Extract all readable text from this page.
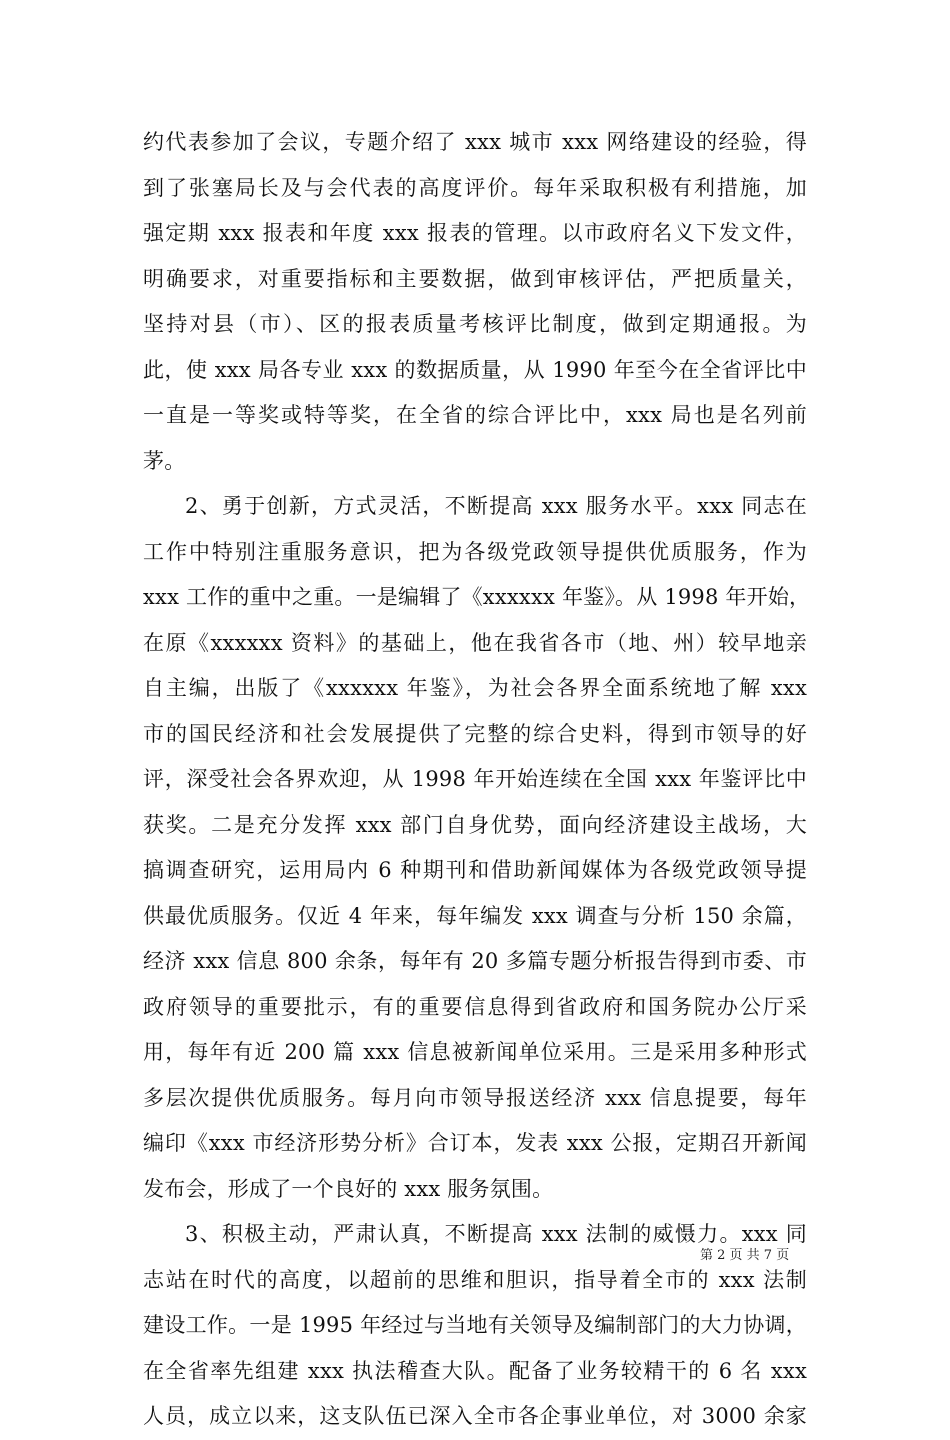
约代表参加了会议，专题介绍了 xxx 城市 xxx 网络建设的经验，得
到了张塞局长及与会代表的高度评价。每年采取积极有利措施，加
强定期 xxx 报表和年度 xxx 报表的管理。以市政府名义下发文件，
明确要求，对重要指标和主要数据，做到审核评估，严把质量关，
坚持对县（市）、区的报表质量考核评比制度，做到定期通报。为
此，使 xxx 局各专业 xxx 的数据质量，从 1990 年至今在全省评比中
一直是一等奖或特等奖，在全省的综合评比中，xxx 局也是名列前
茅。
2、勇于创新，方式灵活，不断提高 xxx 服务水平。xxx 同志在
工作中特别注重服务意识，把为各级党政领导提供优质服务，作为
xxx 工作的重中之重。一是编辑了《xxxxxx 年鉴》。从 1998 年开始，
在原《xxxxxx 资料》的基础上，他在我省各市（地、州）较早地亲
自主编，出版了《xxxxxx 年鉴》，为社会各界全面系统地了解 xxx
市的国民经济和社会发展提供了完整的综合史料，得到市领导的好
评，深受社会各界欢迎，从 1998 年开始连续在全国 xxx 年鉴评比中
获奖。二是充分发挥 xxx 部门自身优势，面向经济建设主战场，大
搞调查研究，运用局内 6 种期刊和借助新闻媒体为各级党政领导提
供最优质服务。仅近 4 年来，每年编发 xxx 调查与分析 150 余篇，
经济 xxx 信息 800 余条，每年有 20 多篇专题分析报告得到市委、市
政府领导的重要批示，有的重要信息得到省政府和国务院办公厅采
用，每年有近 200 篇 xxx 信息被新闻单位采用。三是采用多种形式
多层次提供优质服务。每月向市领导报送经济 xxx 信息提要，每年
编印《xxx 市经济形势分析》合订本，发表 xxx 公报，定期召开新闻
发布会，形成了一个良好的 xxx 服务氛围。
3、积极主动，严肃认真，不断提高 xxx 法制的威慑力。xxx 同
志站在时代的高度，以超前的思维和胆识，指导着全市的 xxx 法制
建设工作。一是 1995 年经过与当地有关领导及编制部门的大力协调，
在全省率先组建 xxx 执法稽查大队。配备了业务较精干的 6 名 xxx
人员，成立以来，这支队伍已深入全市各企事业单位，对 3000 余家
第 2 页 共 7 页
